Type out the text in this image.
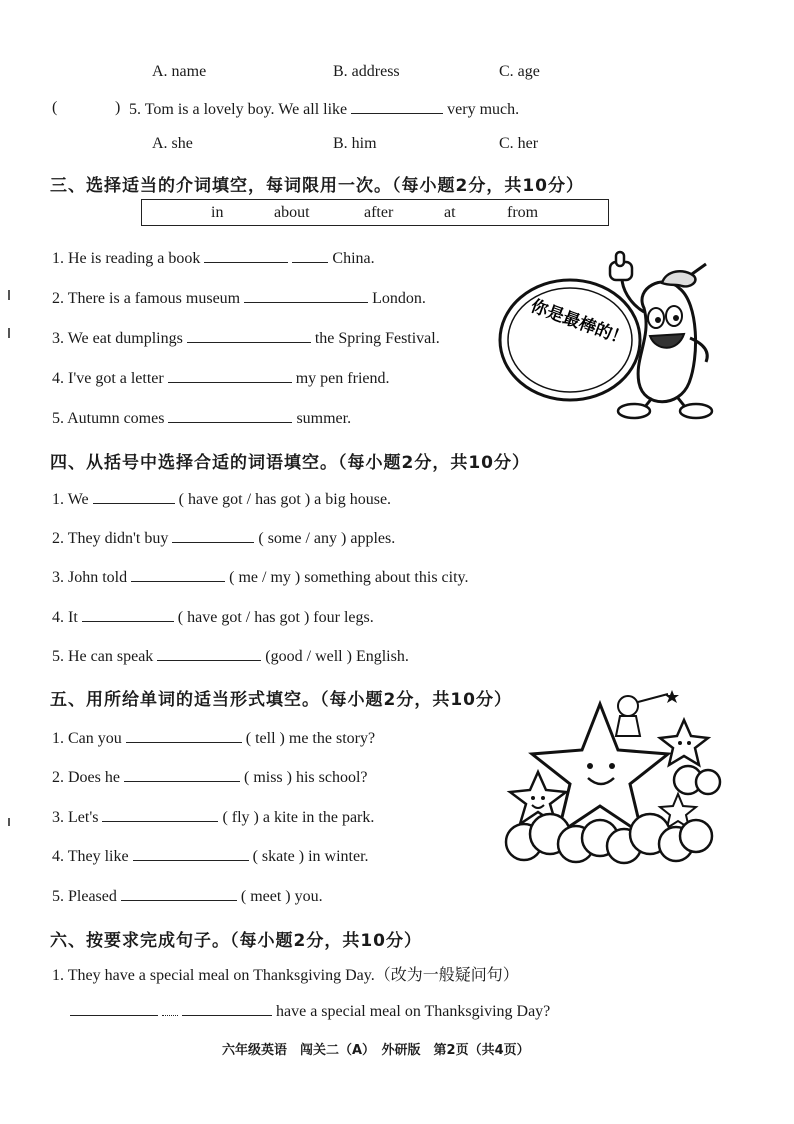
A. name	B. address	C. age
(	) 5. Tom is a lovely boy. We all like	very much.
A. she	B. him	C. her
三、选择适当的介词填空，每词限用一次。（每小题2分，共10分）
in	about	after	at	from
1. He is reading a book	China.
2. There is a famous museum	London.
3. We eat dumplings	the Spring Festival.
4. I've got a letter	my pen friend.
5. Autumn comes	summer.
你是最棒的！
四、从括号中选择合适的词语填空。（每小题2分，共10分）
1. We	( have got / has got ) a big house.
2. They didn't buy	( some / any ) apples.
3. John told	( me / my ) something about this city.
4. It	( have got / has got ) four legs.
5. He can speak	(good / well ) English.
五、用所给单词的适当形式填空。（每小题2分，共10分）
1. Can you	( tell ) me the story?
2. Does he	( miss ) his school?
3. Let's	( fly ) a kite in the park.
4. They like	( skate ) in winter.
5. Pleased	( meet ) you.
六、按要求完成句子。（每小题2分，共10分）
1. They have a special meal on Thanksgiving Day.（改为一般疑问句）
have a special meal on Thanksgiving Day?
六年级英语　闯关二（A）　外研版　第2页（共4页）
